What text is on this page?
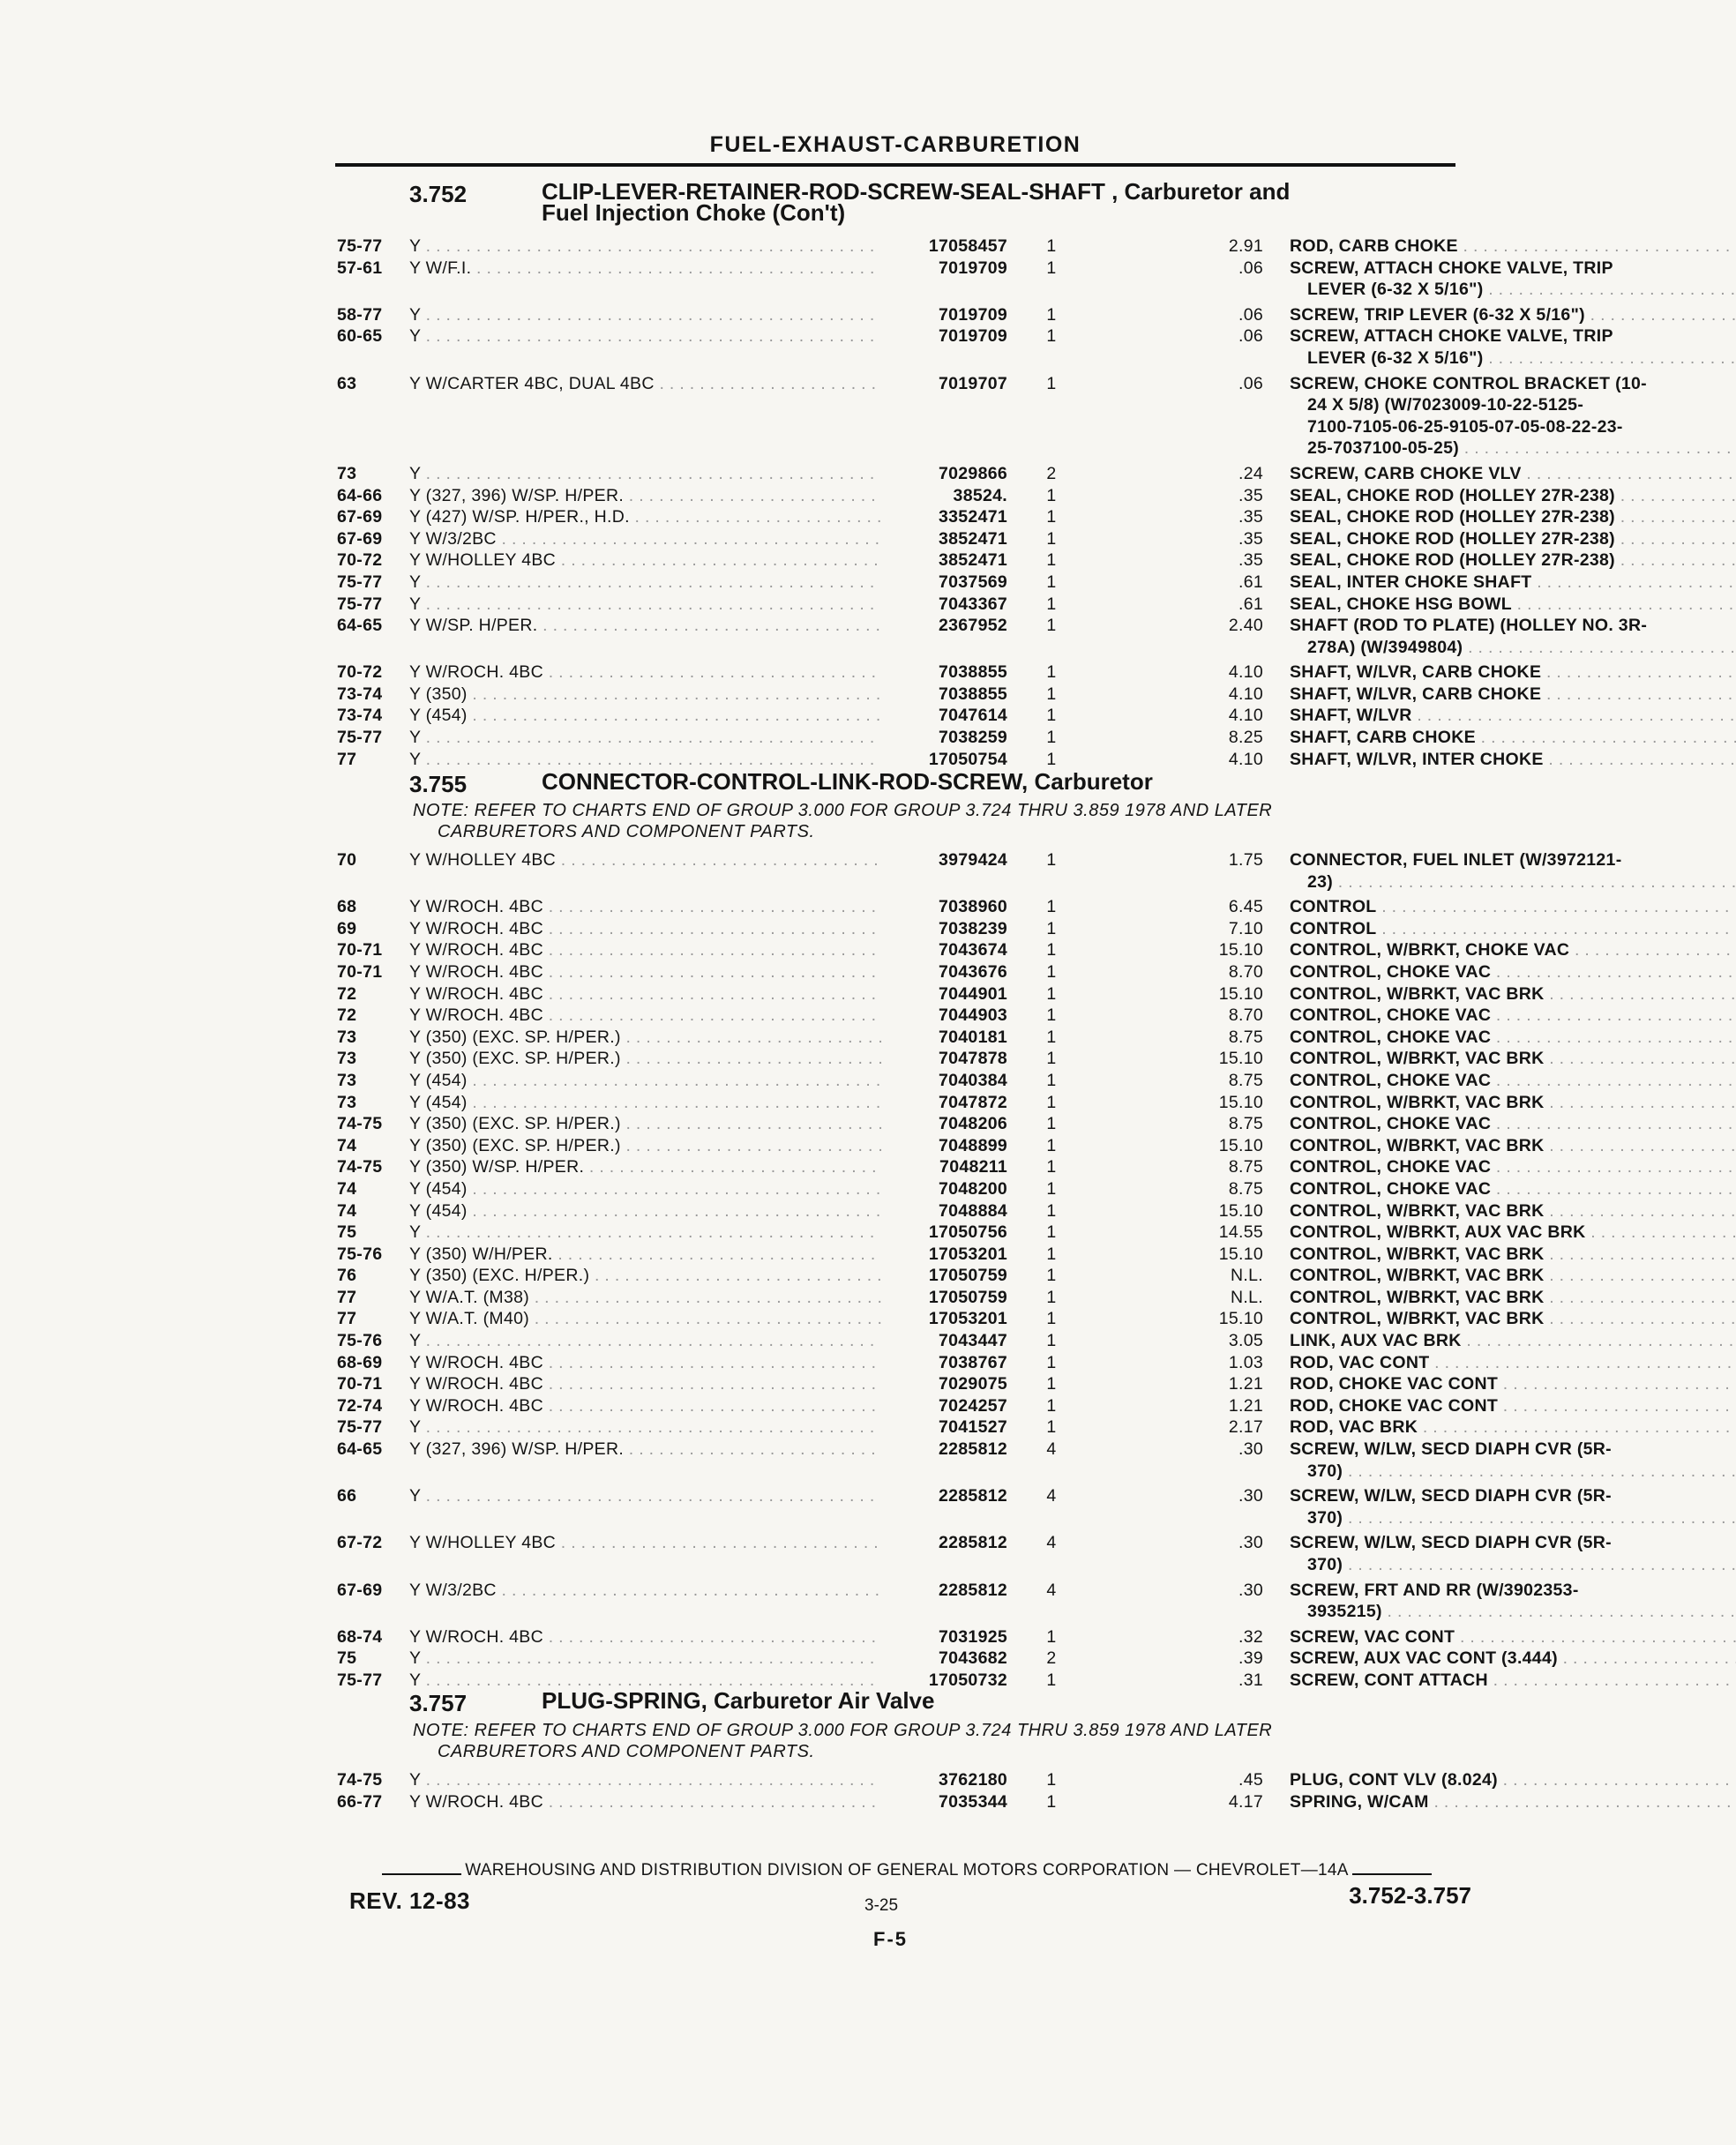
FUEL-EXHAUST-CARBURETION
3.752	CLIP-LEVER-RETAINER-ROD-SCREW-SEAL-SHAFT , Carburetor and
Fuel Injection Choke (Con't)
75-77	Y . . .	17058457 1	2.91 ROD, CARB CHOKE . . .
57-61	Y W/F.I. . . .	7019709 1	.06 SCREW, ATTACH CHOKE VALVE, TRIP
LEVER (6-32 X 5/16") . . .
58-77	Y . . .	7019709 1	.06 SCREW, TRIP LEVER (6-32 X 5/16") . . .
60-65	Y . . .	7019709 1	.06 SCREW, ATTACH CHOKE VALVE, TRIP
LEVER (6-32 X 5/16") . . .
63	Y W/CARTER 4BC, DUAL 4BC . . .	7019707 1	.06 SCREW, CHOKE CONTROL BRACKET (10-
24 X 5/8) (W/7023009-10-22-5125-
7100-7105-06-25-9105-07-05-08-22-23-
25-7037100-05-25) . . .
73	Y . . .	7029866 2	.24 SCREW, CARB CHOKE VLV . . .
64-66	Y (327, 396) W/SP. H/PER. . . .	38524. 1	.35 SEAL, CHOKE ROD (HOLLEY 27R-238) . . .
67-69	Y (427) W/SP. H/PER., H.D. . . .	3352471 1	.35 SEAL, CHOKE ROD (HOLLEY 27R-238) . . .
67-69	Y W/3/2BC . . .	3852471 1	.35 SEAL, CHOKE ROD (HOLLEY 27R-238) . . .
70-72	Y W/HOLLEY 4BC . . .	3852471 1	.35 SEAL, CHOKE ROD (HOLLEY 27R-238) . . .
75-77	Y . . .	7037569 1	.61 SEAL, INTER CHOKE SHAFT . . .
75-77	Y . . .	7043367 1	.61 SEAL, CHOKE HSG BOWL . . .
64-65	Y W/SP. H/PER. . . .	2367952 1	2.40 SHAFT (ROD TO PLATE) (HOLLEY NO. 3R-
278A) (W/3949804) . . .
70-72	Y W/ROCH. 4BC . . .	7038855 1	4.10 SHAFT, W/LVR, CARB CHOKE . . .
73-74	Y (350) . . .	7038855 1	4.10 SHAFT, W/LVR, CARB CHOKE . . .
73-74	Y (454) . . .	7047614 1	4.10 SHAFT, W/LVR . . .
75-77	Y . . .	7038259 1	8.25 SHAFT, CARB CHOKE . . .
77	Y . . .	17050754 1	4.10 SHAFT, W/LVR, INTER CHOKE . . .
3.755	CONNECTOR-CONTROL-LINK-ROD-SCREW, Carburetor
NOTE: REFER TO CHARTS END OF GROUP 3.000 FOR GROUP 3.724 THRU 3.859 1978 AND LATER
CARBURETORS AND COMPONENT PARTS.
70	Y W/HOLLEY 4BC . . .	3979424 1	1.75 CONNECTOR, FUEL INLET (W/3972121-
23) . . .
68	Y W/ROCH. 4BC . . .	7038960 1	6.45 CONTROL . . .
69	Y W/ROCH. 4BC . . .	7038239 1	7.10 CONTROL . . .
70-71	Y W/ROCH. 4BC . . .	7043674 1	15.10 CONTROL, W/BRKT, CHOKE VAC . . .
70-71	Y W/ROCH. 4BC . . .	7043676 1	8.70 CONTROL, CHOKE VAC . . .
72	Y W/ROCH. 4BC . . .	7044901 1	15.10 CONTROL, W/BRKT, VAC BRK . . .
72	Y W/ROCH. 4BC . . .	7044903 1	8.70 CONTROL, CHOKE VAC . . .
73	Y (350) (EXC. SP. H/PER.) . . .	7040181 1	8.75 CONTROL, CHOKE VAC . . .
73	Y (350) (EXC. SP. H/PER.) . . .	7047878 1	15.10 CONTROL, W/BRKT, VAC BRK . . .
73	Y (454) . . .	7040384 1	8.75 CONTROL, CHOKE VAC . . .
73	Y (454) . . .	7047872 1	15.10 CONTROL, W/BRKT, VAC BRK . . .
74-75	Y (350) (EXC. SP. H/PER.) . . .	7048206 1	8.75 CONTROL, CHOKE VAC . . .
74	Y (350) (EXC. SP. H/PER.) . . .	7048899 1	15.10 CONTROL, W/BRKT, VAC BRK . . .
74-75	Y (350) W/SP. H/PER. . . .	7048211 1	8.75 CONTROL, CHOKE VAC . . .
74	Y (454) . . .	7048200 1	8.75 CONTROL, CHOKE VAC . . .
74	Y (454) . . .	7048884 1	15.10 CONTROL, W/BRKT, VAC BRK . . .
75	Y . . .	17050756 1	14.55 CONTROL, W/BRKT, AUX VAC BRK . . .
75-76	Y (350) W/H/PER. . . .	17053201 1	15.10 CONTROL, W/BRKT, VAC BRK . . .
76	Y (350) (EXC. H/PER.) . . .	17050759 1	N.L. CONTROL, W/BRKT, VAC BRK . . .
77	Y W/A.T. (M38) . . .	17050759 1	N.L. CONTROL, W/BRKT, VAC BRK . . .
77	Y W/A.T. (M40) . . .	17053201 1	15.10 CONTROL, W/BRKT, VAC BRK . . .
75-76	Y . . .	7043447 1	3.05 LINK, AUX VAC BRK . . .
68-69	Y W/ROCH. 4BC . . .	7038767 1	1.03 ROD, VAC CONT . . .
70-71	Y W/ROCH. 4BC . . .	7029075 1	1.21 ROD, CHOKE VAC CONT . . .
72-74	Y W/ROCH. 4BC . . .	7024257 1	1.21 ROD, CHOKE VAC CONT . . .
75-77	Y . . .	7041527 1	2.17 ROD, VAC BRK . . .
64-65	Y (327, 396) W/SP. H/PER. . . .	2285812 4	.30 SCREW, W/LW, SECD DIAPH CVR (5R-
370) . . .
66	Y . . .	2285812 4	.30 SCREW, W/LW, SECD DIAPH CVR (5R-
370) . . .
67-72	Y W/HOLLEY 4BC . . .	2285812 4	.30 SCREW, W/LW, SECD DIAPH CVR (5R-
370) . . .
67-69	Y W/3/2BC . . .	2285812 4	.30 SCREW, FRT AND RR (W/3902353-
3935215) . . .
68-74	Y W/ROCH. 4BC . . .	7031925 1	.32 SCREW, VAC CONT . . .
75	Y . . .	7043682 2	.39 SCREW, AUX VAC CONT (3.444) . . .
75-77	Y . . .	17050732 1	.31 SCREW, CONT ATTACH . . .
3.757	PLUG-SPRING, Carburetor Air Valve
NOTE: REFER TO CHARTS END OF GROUP 3.000 FOR GROUP 3.724 THRU 3.859 1978 AND LATER
CARBURETORS AND COMPONENT PARTS.
74-75	Y . . .	3762180 1	.45 PLUG, CONT VLV (8.024) . . .
66-77	Y W/ROCH. 4BC . . .	7035344 1	4.17 SPRING, W/CAM . . .
WAREHOUSING AND DISTRIBUTION DIVISION OF GENERAL MOTORS CORPORATION — CHEVROLET—14A
REV. 12-83	3-25	3.752-3.757
F-5
